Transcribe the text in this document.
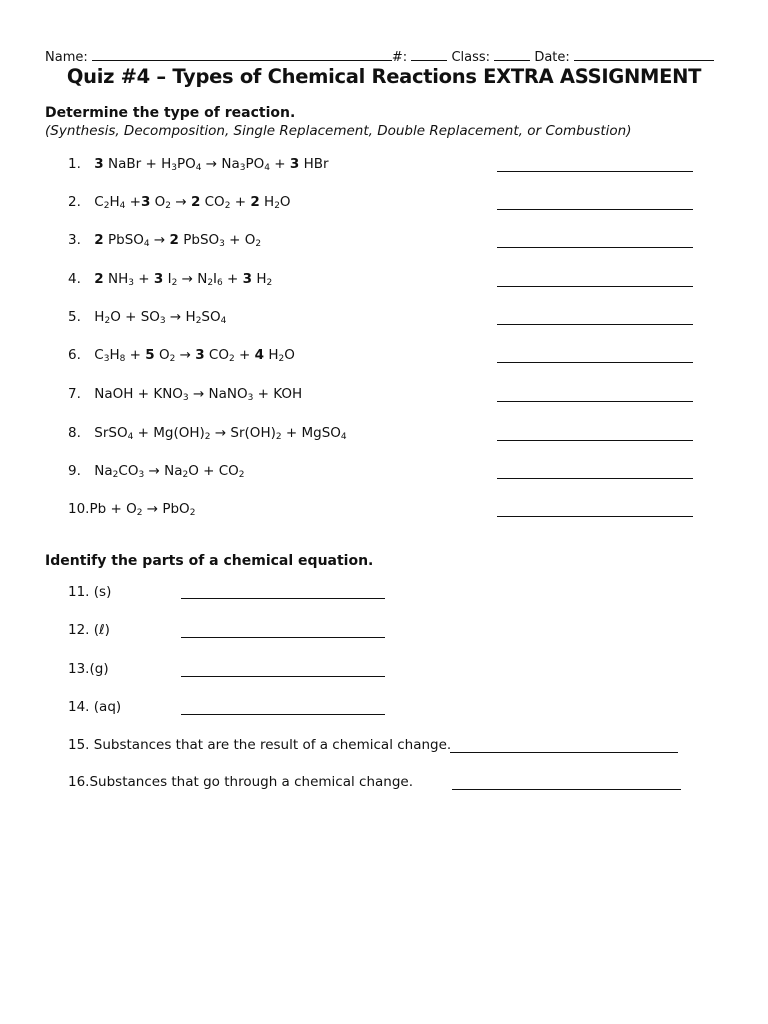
Name:	#:	Class:	Date:
Quiz #4 – Types of Chemical Reactions EXTRA ASSIGNMENT
Determine the type of reaction.
(Synthesis, Decomposition, Single Replacement, Double Replacement, or Combustion)
1. 3 NaBr + $H_3PO_4 \to Na_3PO_4 + 3$ HBr
2. $C_2H_4 +3$ $O_2 \to 2$ $CO_2 + 2$ $H_2O$
3. 2 PbSO$_4$ → 2 PbSO$_3$ + $O_2$
4. 2 $NH_3 + 3$ $I_2 \to N_2I_6 + 3$ $H_2$
5. $H_2O + SO_3 \to H_2SO_4$
6. $C_3H_8 + 5$ $O_2 \to 3$ $CO_2 + 4$ $H_2O$
7. NaOH + $KNO_3$ → NaNO$_3$ + KOH
8. SrSO$_4$ + $Mg(OH)_2 \to Sr(OH)_2$ + MgSO$_4$
9. $Na_2CO_3 \to Na_2O + CO_2$
$10.Pb + O_2 \to PbO_2$
Identify the parts of a chemical equation.
11. (s)
12. (ℓ)
13.(g)
14. (aq)
15. Substances that are the result of a chemical change.
16.Substances that go through a chemical change.
